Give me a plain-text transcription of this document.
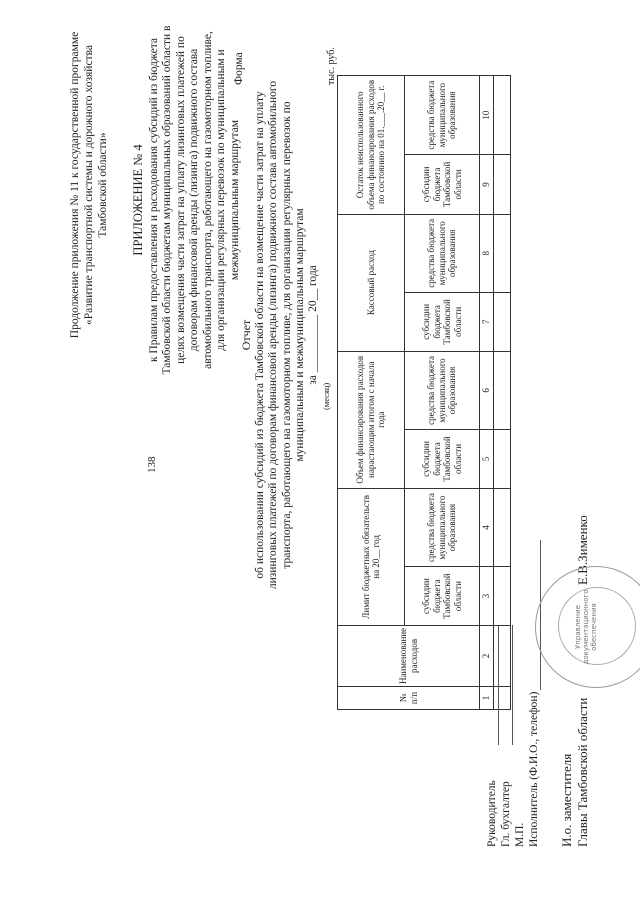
138
Продолжение приложения № 11 к государственной программе «Развитие транспортной системы и дорожного хозяйства Тамбовской области» ПРИЛОЖЕНИЕ № 4 к Правилам предоставления и расходования субсидий из бюджета Тамбовской области бюджетам муниципальных образований области в целях возмещения части затрат на уплату лизинговых платежей по договорам финансовой аренды (лизинга) подвижного состава автомобильного транспорта, работающего на газомоторном топливе, для организации регулярных перевозок по муниципальным и межмуниципальным маршрутам
Форма
Отчет об использовании субсидий из бюджета Тамбовской области на возмещение части затрат на уплату лизинговых платежей по договорам финансовой аренды (лизинга) подвижного состава автомобильного транспорта, работающего на газомоторном топливе, для организации регулярных перевозок по муниципальным и межмуниципальным маршрутам за __________ 20__ года
(месяц)
тыс. руб.
№ п/п	Наименование расходов	Лимит бюджетных обязательств на 20__ год		Объем финансирования расходов нарастающим итогом с начала года		Кассовый расход		Остаток неиспользованного объема финансирования расходов по состоянию на 01.___.20__ г.	
		субсидии бюджета Тамбовской области	средства бюджета муниципального образования	субсидии бюджета Тамбовской области	средства бюджета муниципального образования	субсидии бюджета Тамбовской области	средства бюджета муниципального образования	субсидии бюджета Тамбовской области	средства бюджета муниципального образования
1	2	3	4	5	6	7	8	9	10

Руководитель Гл. бухгалтер М.П. Исполнитель (Ф.И.О., телефон) И.о. заместителя Главы Тамбовской области
Е.В.Зименко
Управление документационного обеспечения
